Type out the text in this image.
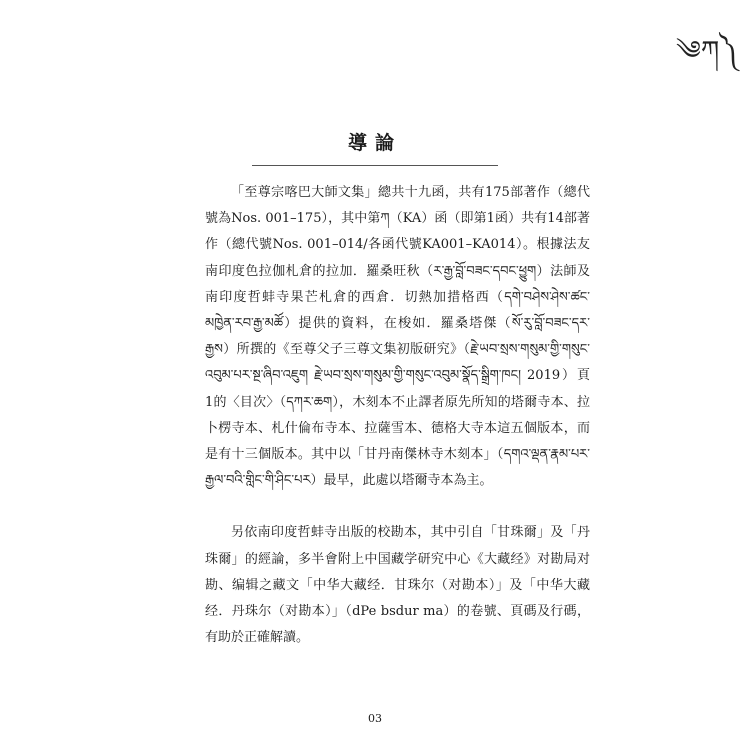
༄ཀ༽
導論

「至尊宗喀巴大師文集」總共十九函，共有175部著作（總代號為Nos. 001–175），其中第ཀ（KA）函（即第1函）共有14部著作（總代號Nos. 001–014/各函代號KA001–KA014）。根據法友南印度色拉伽札倉的拉加．羅桑旺秋（ར་རྒྱ་བློ་བཟང་དབང་ཕྱུག）法師及南印度哲蚌寺果芒札倉的西倉．切熱加措格西（དགེ་བཤེས་ཤེས་ཚང་མཁྱེན་རབ་རྒྱ་མཚོ）提供的資料，在梭如．羅桑塔傑（སོ་རུ་བློ་བཟང་དར་རྒྱས）所撰的《至尊父子三尊文集初版研究》（རྗེ་ཡབ་སྲས་གསུམ་གྱི་གསུང་འབུམ་པར་སྔ་ཞིབ་འཇུག རྗེ་ཡབ་སྲས་གསུམ་གྱི་གསུང་འབུམ་སྣོད་སྒྲིག་ཁང། 2019）頁1的〈目次〉（དཀར་ཆག），木刻本不止譯者原先所知的塔爾寺本、拉卜楞寺本、札什倫布寺本、拉薩雪本、德格大寺本這五個版本，而是有十三個版本。其中以「甘丹南傑林寺木刻本」（དགའ་ལྡན་རྣམ་པར་རྒྱལ་བའི་གླིང་གི་ཤིང་པར）最早，此處以塔爾寺本為主。

另依南印度哲蚌寺出版的校勘本，其中引自「甘珠爾」及「丹珠爾」的經論，多半會附上中国藏学研究中心《大藏经》对勘局对勘、编辑之藏文「中华大藏经．甘珠尔（对勘本）」及「中华大藏经．丹珠尔（对勘本）」（dPe bsdur ma）的卷號、頁碼及行碼，有助於正確解讀。

03
